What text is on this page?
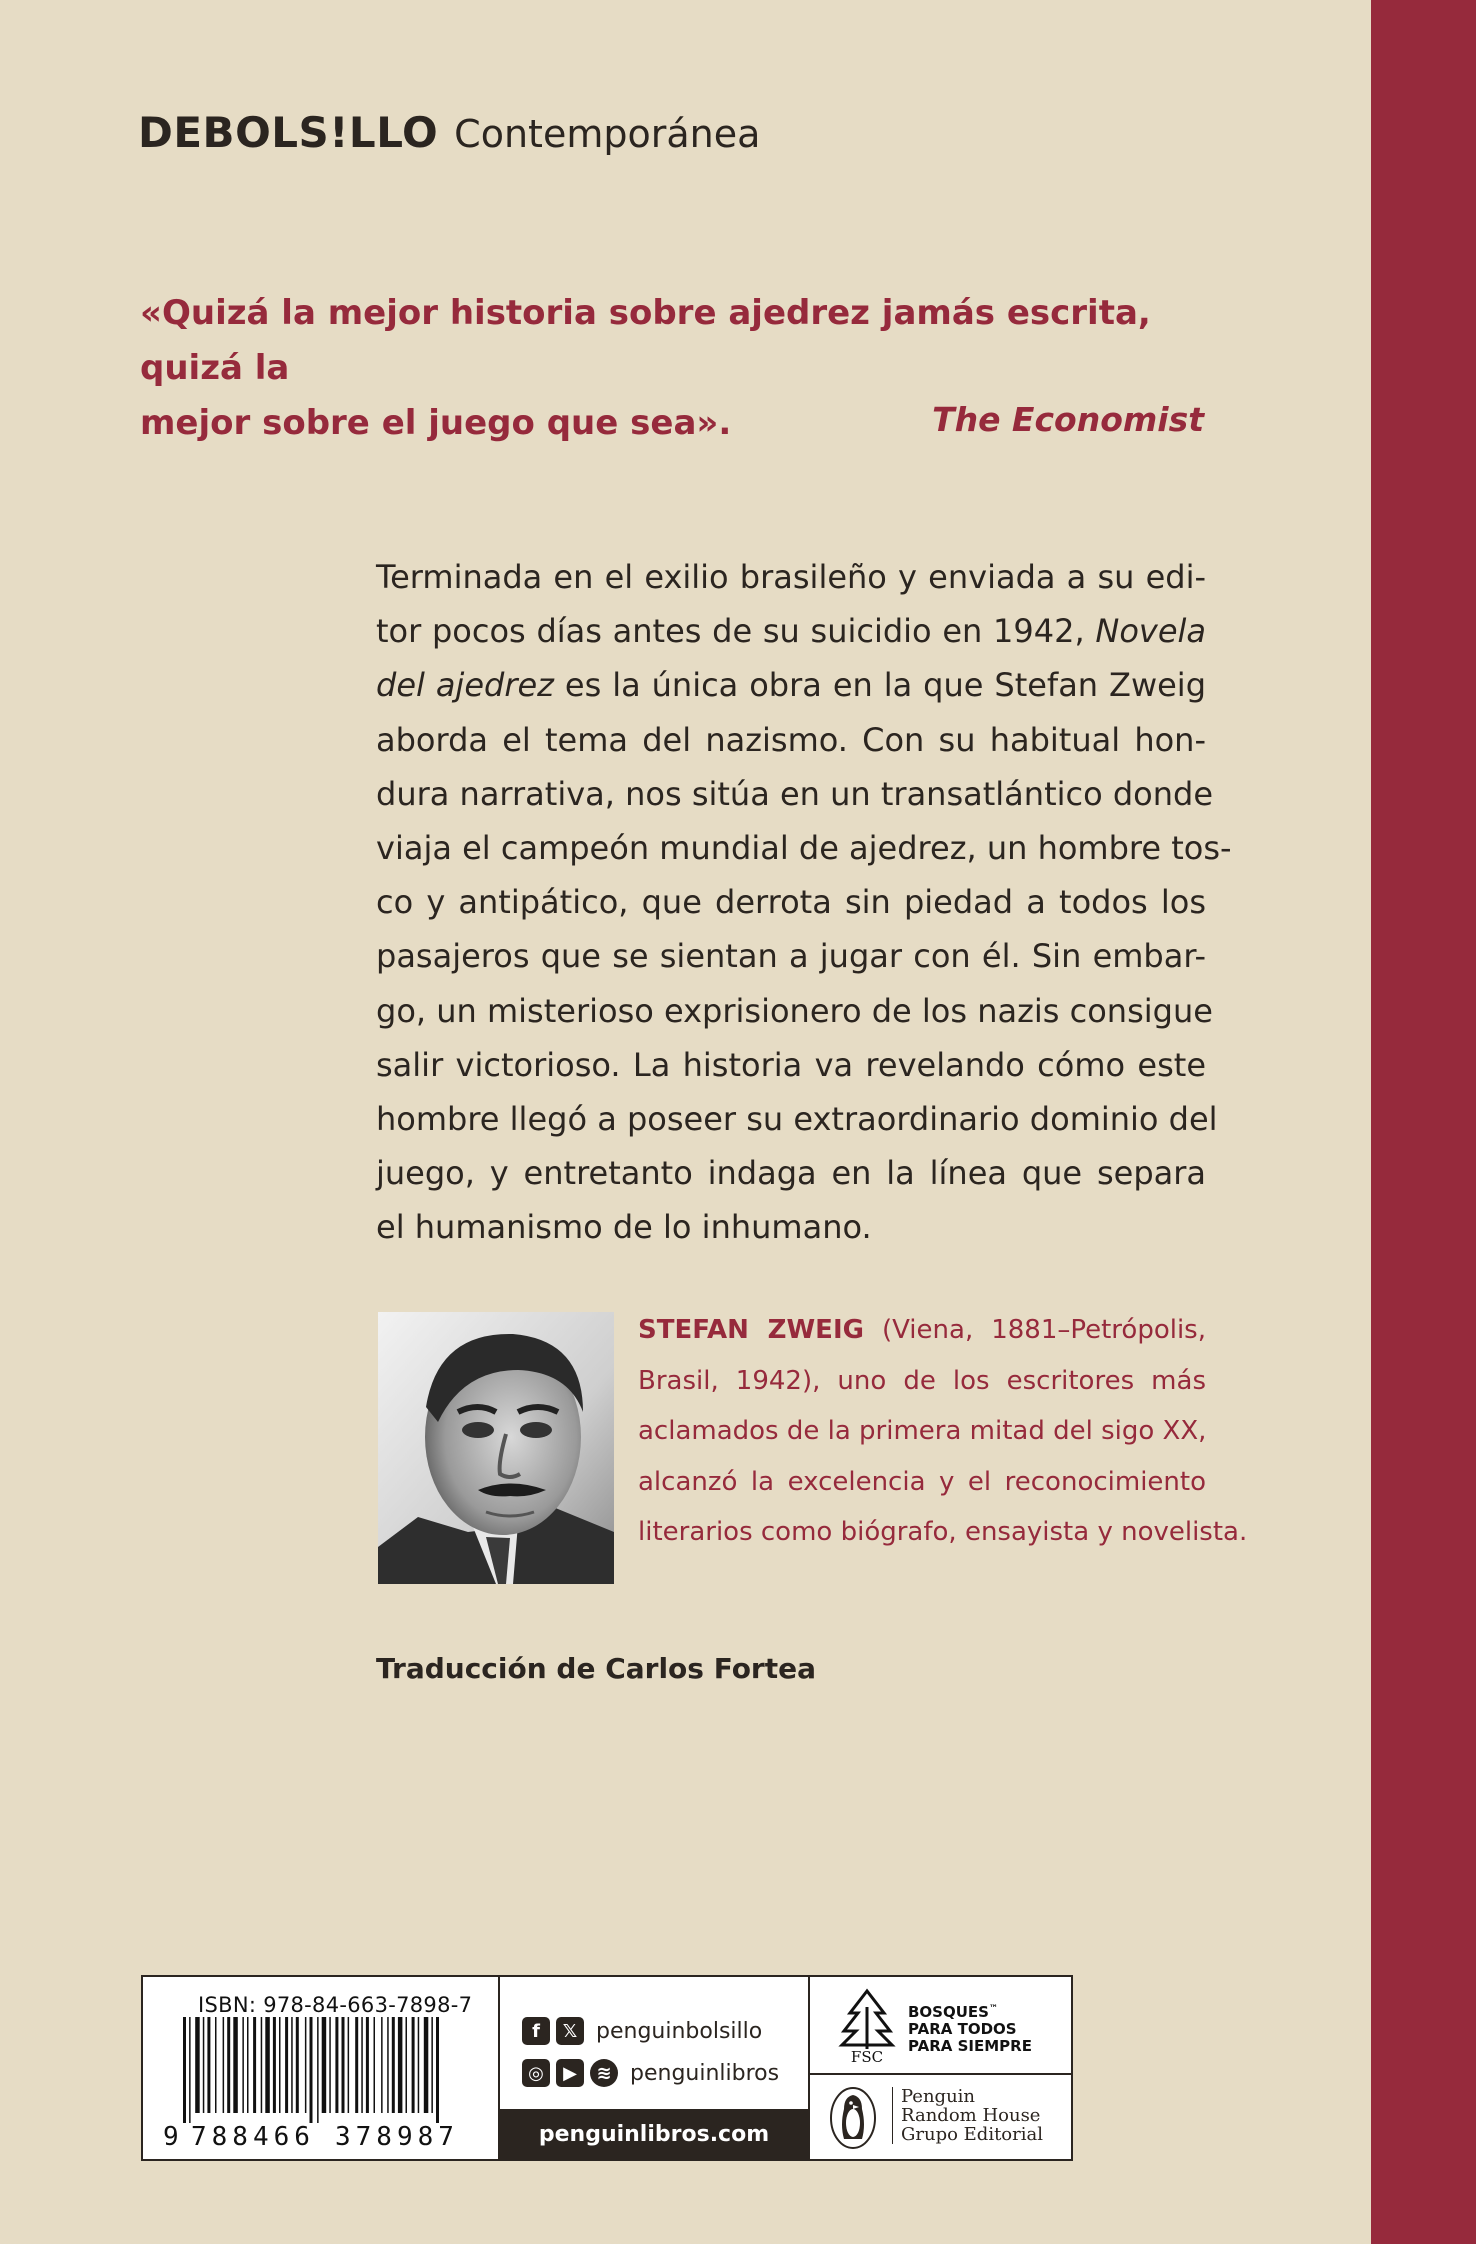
DEBOLS!LLO Contemporánea
«Quizá la mejor historia sobre ajedrez jamás escrita, quizá la
mejor sobre el juego que sea».	The Economist
Terminada en el exilio brasileño y enviada a su edi-
tor pocos días antes de su suicidio en 1942, Novela
del ajedrez es la única obra en la que Stefan Zweig
aborda el tema del nazismo. Con su habitual hon-
dura narrativa, nos sitúa en un transatlántico donde
viaja el campeón mundial de ajedrez, un hombre tos-
co y antipático, que derrota sin piedad a todos los
pasajeros que se sientan a jugar con él. Sin embar-
go, un misterioso exprisionero de los nazis consigue
salir victorioso. La historia va revelando cómo este
hombre llegó a poseer su extraordinario dominio del
juego, y entretanto indaga en la línea que separa
el humanismo de lo inhumano.
STEFAN ZWEIG (Viena, 1881–Petrópolis,
Brasil, 1942), uno de los escritores más
aclamados de la primera mitad del sigo XX,
alcanzó la excelencia y el reconocimiento
literarios como biógrafo, ensayista y novelista.
Traducción de Carlos Fortea
ISBN: 978-84-663-7898-7
9 788466 378987
f	𝕏 penguinbolsillo
◎	▶	≋ penguinlibros
penguinlibros.com
FSC
BOSQUES™
PARA TODOS
PARA SIEMPRE
Penguin
Random House
Grupo Editorial
